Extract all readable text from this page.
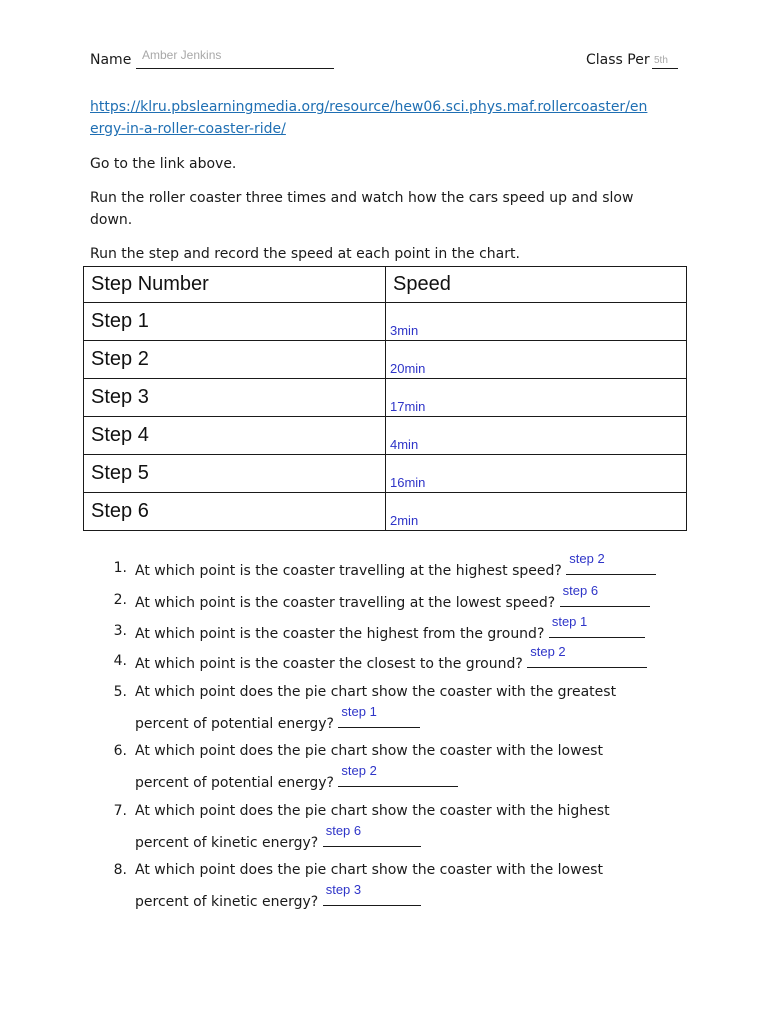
Name Amber Jenkins	Class Per 5th
https://klru.pbslearningmedia.org/resource/hew06.sci.phys.maf.rollercoaster/en
ergy-in-a-roller-coaster-ride/
Go to the link above.
Run the roller coaster three times and watch how the cars speed up and slow
down.
Run the step and record the speed at each point in the chart.
Step Number	Speed
Step 1	3min
Step 2	20min
Step 3	17min
Step 4	4min
Step 5	16min
Step 6	2min
1. At which point is the coaster travelling at the highest speed?
step 2
2. At which point is the coaster travelling at the lowest speed?
step 6
3. At which point is the coaster the highest from the ground?
step 1
4. At which point is the coaster the closest to the ground?
step 2
5. At which point does the pie chart show the coaster with the greatest
percent of potential energy?
step 1
6. At which point does the pie chart show the coaster with the lowest
percent of potential energy?
step 2
7. At which point does the pie chart show the coaster with the highest
percent of kinetic energy?
step 6
8. At which point does the pie chart show the coaster with the lowest
percent of kinetic energy?
step 3
